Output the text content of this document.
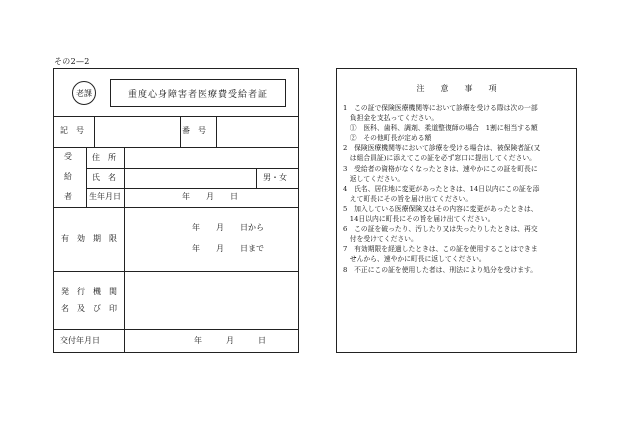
その2—2
老課	重度心身障害者医療費受給者証
記　号	番　号
受
給
者
住　所
氏　名	男・女
生年月日	年　　月　　日
有　効　期　限
年　　月　　日から
年　　月　　日まで
発　行　機　関
名　及　び　印
交付年月日	年　　　月　　　日
注　　意　　事　　項
1　この証で保険医療機関等において診療を受ける際は次の一部
　負担金を支払ってください。
　①　医科、歯科、調剤、柔道整復師の場合　1割に相当する額
　②　その他町長が定める額
2　保険医療機関等において診療を受ける場合は、被保険者証(又
　は組合員証)に添えてこの証を必ず窓口に提出してください。
3　受給者の資格がなくなったときは、速やかにこの証を町長に
　返してください。
4　氏名、居住地に変更があったときは、14日以内にこの証を添
　えて町長にその旨を届け出てください。
5　加入している医療保険又はその内容に変更があったときは、
　14日以内に町長にその旨を届け出てください。
6　この証を破ったり、汚したり又は失ったりしたときは、再交
　付を受けてください。
7　有効期限を経過したときは、この証を使用することはできま
　せんから、速やかに町長に返してください。
8　不正にこの証を使用した者は、刑法により処分を受けます。
